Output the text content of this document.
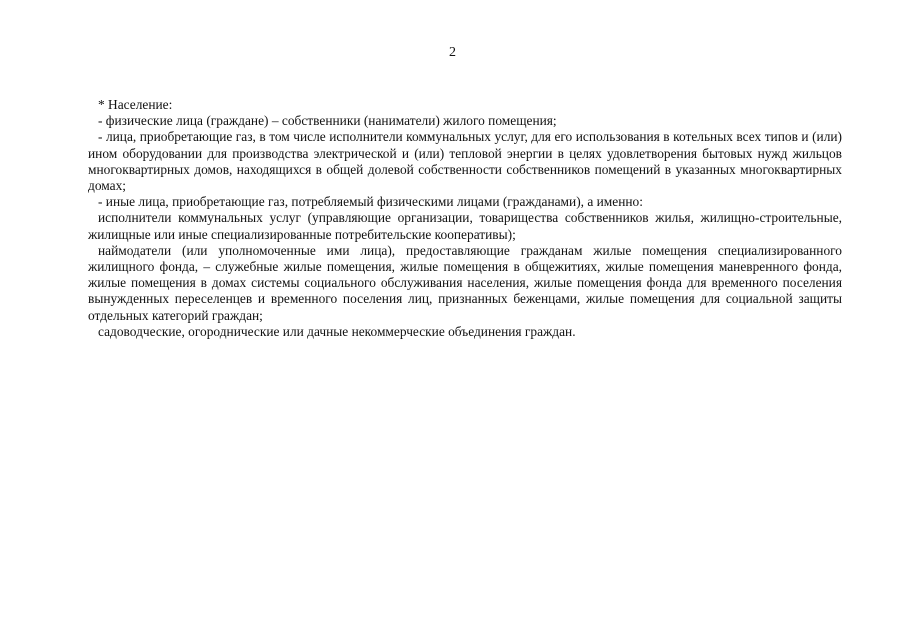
2

* Население:

- физические лица (граждане) – собственники (наниматели) жилого помещения;

- лица, приобретающие газ, в том числе исполнители коммунальных услуг, для его использования в котельных всех типов и (или) ином оборудовании для производства электрической и (или) тепловой энергии в целях удовлетворения бытовых нужд жильцов многоквартирных домов, находящихся в общей долевой собственности собственников помещений в указанных многоквартирных домах;

- иные лица, приобретающие газ, потребляемый физическими лицами (гражданами), а именно:

исполнители коммунальных услуг (управляющие организации, товарищества собственников жилья, жилищно-строительные, жилищные или иные специализированные потребительские кооперативы);

наймодатели (или уполномоченные ими лица), предоставляющие гражданам жилые помещения специализированного жилищного фонда, – служебные жилые помещения, жилые помещения в общежитиях, жилые помещения маневренного фонда, жилые помещения в домах системы социального обслуживания населения, жилые помещения фонда для временного поселения вынужденных переселенцев и временного поселения лиц, признанных беженцами, жилые помещения для социальной защиты отдельных категорий граждан;

садоводческие, огороднические или дачные некоммерческие объединения граждан.
